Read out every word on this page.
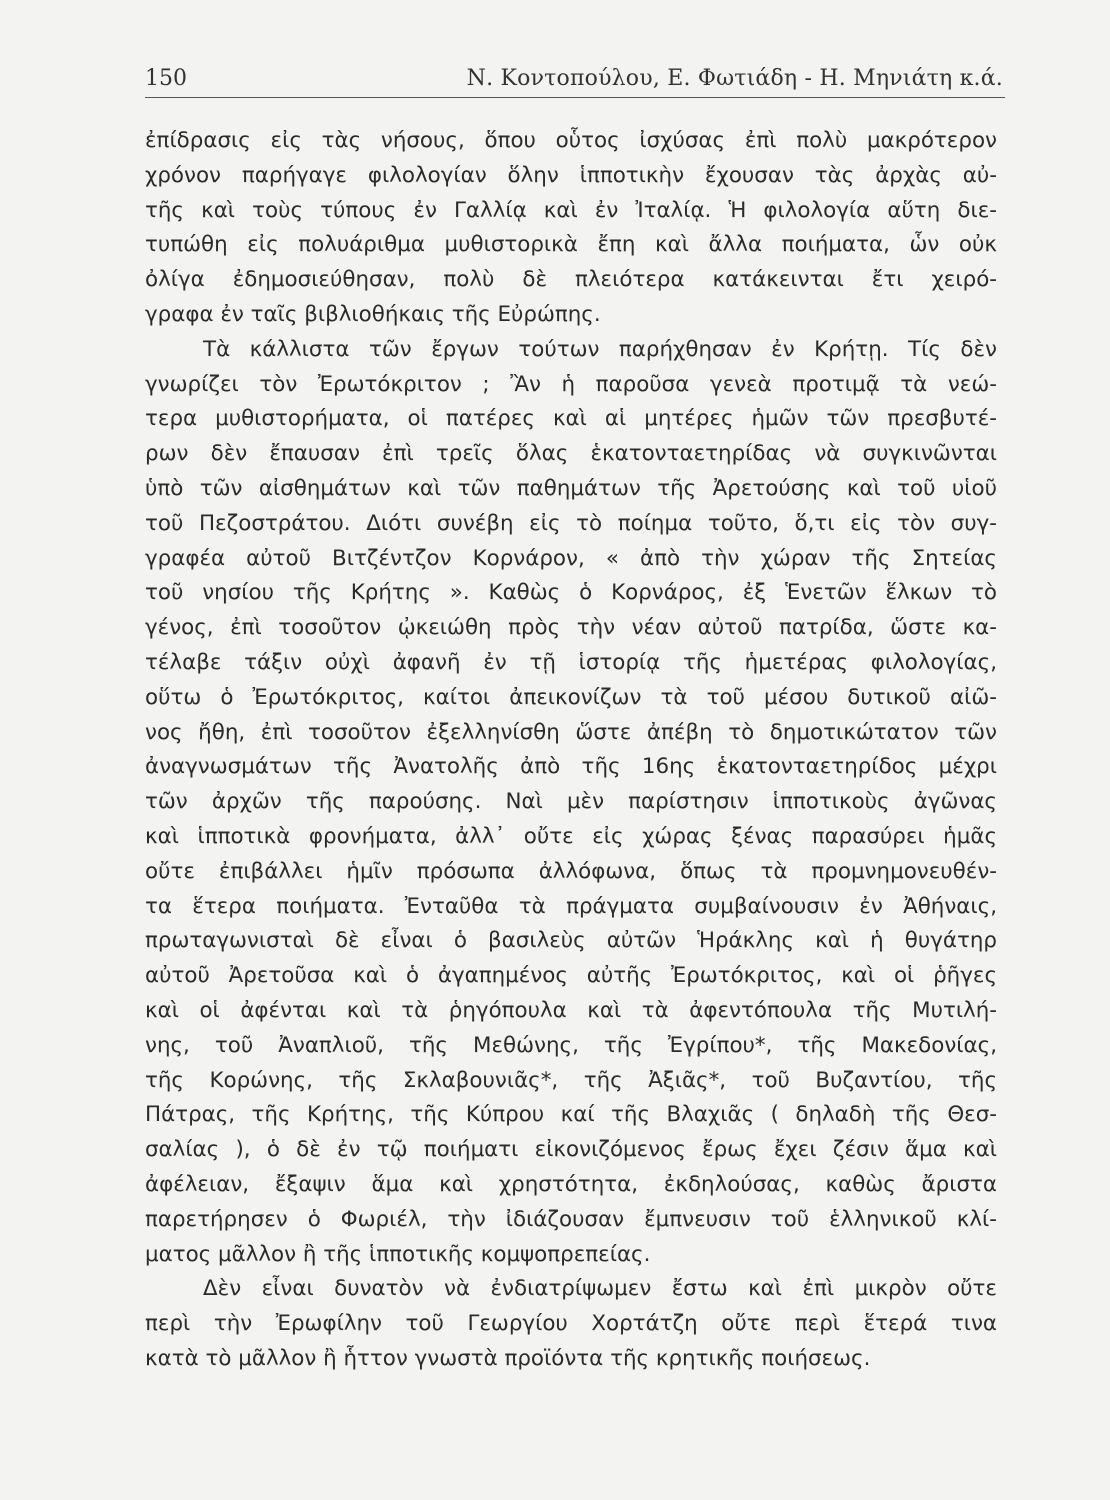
150	Ν. Κοντοπούλου, Ε. Φωτιάδη - Η. Μηνιάτη κ.ά.
ἐπίδρασις εἰς τὰς νήσους, ὅπου οὗτος ἰσχύσας ἐπὶ πολὺ μακρότερον
χρόνον παρήγαγε φιλολογίαν ὅλην ἱπποτικὴν ἔχουσαν τὰς ἀρχὰς αὐ-
τῆς καὶ τοὺς τύπους ἐν Γαλλίᾳ καὶ ἐν Ἰταλίᾳ. Ἡ φιλολογία αὕτη διε-
τυπώθη εἰς πολυάριθμα μυθιστορικὰ ἔπη καὶ ἄλλα ποιήματα, ὧν οὐκ
ὀλίγα ἐδημοσιεύθησαν, πολὺ δὲ πλειότερα κατάκεινται ἔτι χειρό-
γραφα ἐν ταῖς βιβλιοθήκαις τῆς Εὐρώπης.
Τὰ κάλλιστα τῶν ἔργων τούτων παρήχθησαν ἐν Κρήτῃ. Τίς δὲν
γνωρίζει τὸν Ἐρωτόκριτον ; Ἂν ἡ παροῦσα γενεὰ προτιμᾷ τὰ νεώ-
τερα μυθιστορήματα, οἱ πατέρες καὶ αἱ μητέρες ἡμῶν τῶν πρεσβυτέ-
ρων δὲν ἔπαυσαν ἐπὶ τρεῖς ὅλας ἑκατονταετηρίδας νὰ συγκινῶνται
ὑπὸ τῶν αἰσθημάτων καὶ τῶν παθημάτων τῆς Ἀρετούσης καὶ τοῦ υἱοῦ
τοῦ Πεζοστράτου. Διότι συνέβη εἰς τὸ ποίημα τοῦτο, ὅ,τι εἰς τὸν συγ-
γραφέα αὐτοῦ Βιτζέντζον Κορνάρον, « ἀπὸ τὴν χώραν τῆς Σητείας
τοῦ νησίου τῆς Κρήτης ». Καθὼς ὁ Κορνάρος, ἐξ Ἑνετῶν ἕλκων τὸ
γένος, ἐπὶ τοσοῦτον ᾠκειώθη πρὸς τὴν νέαν αὐτοῦ πατρίδα, ὥστε κα-
τέλαβε τάξιν οὐχὶ ἀφανῆ ἐν τῇ ἱστορίᾳ τῆς ἡμετέρας φιλολογίας,
οὕτω ὁ Ἐρωτόκριτος, καίτοι ἀπεικονίζων τὰ τοῦ μέσου δυτικοῦ αἰῶ-
νος ἤθη, ἐπὶ τοσοῦτον ἐξελληνίσθη ὥστε ἀπέβη τὸ δημοτικώτατον τῶν
ἀναγνωσμάτων τῆς Ἀνατολῆς ἀπὸ τῆς 16ης ἑκατονταετηρίδος μέχρι
τῶν ἀρχῶν τῆς παρούσης. Ναὶ μὲν παρίστησιν ἱπποτικοὺς ἀγῶνας
καὶ ἱπποτικὰ φρονήματα, ἀλλ᾽ οὔτε εἰς χώρας ξένας παρασύρει ἡμᾶς
οὔτε ἐπιβάλλει ἡμῖν πρόσωπα ἀλλόφωνα, ὅπως τὰ προμνημονευθέν-
τα ἕτερα ποιήματα. Ἐνταῦθα τὰ πράγματα συμβαίνουσιν ἐν Ἀθήναις,
πρωταγωνισταὶ δὲ εἶναι ὁ βασιλεὺς αὐτῶν Ἡράκλης καὶ ἡ θυγάτηρ
αὐτοῦ Ἀρετοῦσα καὶ ὁ ἀγαπημένος αὐτῆς Ἐρωτόκριτος, καὶ οἱ ῥῆγες
καὶ οἱ ἀφένται καὶ τὰ ῥηγόπουλα καὶ τὰ ἀφεντόπουλα τῆς Μυτιλή-
νης, τοῦ Ἀναπλιοῦ, τῆς Μεθώνης, τῆς Ἐγρίπου*, τῆς Μακεδονίας,
τῆς Κορώνης, τῆς Σκλαβουνιᾶς*, τῆς Ἀξιᾶς*, τοῦ Βυζαντίου, τῆς
Πάτρας, τῆς Κρήτης, τῆς Κύπρου καί τῆς Βλαχιᾶς ( δηλαδὴ τῆς Θεσ-
σαλίας ), ὁ δὲ ἐν τῷ ποιήματι εἰκονιζόμενος ἔρως ἔχει ζέσιν ἅμα καὶ
ἀφέλειαν, ἔξαψιν ἅμα καὶ χρηστότητα, ἐκδηλούσας, καθὼς ἄριστα
παρετήρησεν ὁ Φωριέλ, τὴν ἰδιάζουσαν ἔμπνευσιν τοῦ ἑλληνικοῦ κλί-
ματος μᾶλλον ἢ τῆς ἱπποτικῆς κομψοπρεπείας.
Δὲν εἶναι δυνατὸν νὰ ἐνδιατρίψωμεν ἔστω καὶ ἐπὶ μικρὸν οὔτε
περὶ τὴν Ἐρωφίλην τοῦ Γεωργίου Χορτάτζη οὔτε περὶ ἕτερά τινα
κατὰ τὸ μᾶλλον ἢ ἧττον γνωστὰ προϊόντα τῆς κρητικῆς ποιήσεως.
